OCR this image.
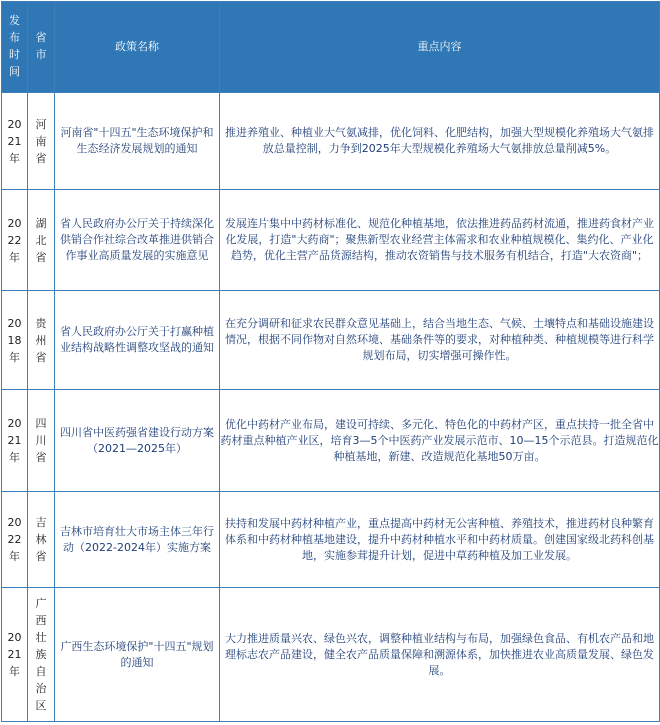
发布时间	省市	政策名称	重点内容
2021年	河南省	河南省"十四五"生态环境保护和生态经济发展规划的通知	推进养殖业、种植业大气氨减排，优化饲料、化肥结构，加强大型规模化养殖场大气氨排放总量控制，力争到2025年大型规模化养殖场大气氨排放总量削减5%。
2022年	湖北省	省人民政府办公厅关于持续深化供销合作社综合改革推进供销合作事业高质量发展的实施意见	发展连片集中中药材标准化、规范化种植基地，依法推进药品药材流通，推进药食材产业化发展，打造"大药商"；聚焦新型农业经营主体需求和农业种植规模化、集约化、产业化趋势，优化主营产品货源结构，推动农资销售与技术服务有机结合，打造"大农资商"；
2018年	贵州省	省人民政府办公厅关于打赢种植业结构战略性调整攻坚战的通知	在充分调研和征求农民群众意见基础上，结合当地生态、气候、土壤特点和基础设施建设情况，根据不同作物对自然环境、基础条件等的要求，对种植种类、种植规模等进行科学规划布局，切实增强可操作性。
2021年	四川省	四川省中医药强省建设行动方案（2021—2025年）	优化中药材产业布局，建设可持续、多元化、特色化的中药材产区，重点扶持一批全省中药材重点种植产业区，培育3—5个中医药产业发展示范市、10—15个示范县。打造规范化种植基地，新建、改造规范化基地50万亩。
2022年	吉林省	吉林市培育壮大市场主体三年行动（2022-2024年）实施方案	扶持和发展中药材种植产业，重点提高中药材无公害种植、养殖技术，推进药材良种繁育体系和中药材种植基地建设，提升中药材种植水平和中药材质量。创建国家级北药科创基地，实施参茸提升计划，促进中草药种植及加工业发展。
2021年	广西壮族自治区	广西生态环境保护"十四五"规划的通知	大力推进质量兴农、绿色兴农，调整种植业结构与布局，加强绿色食品、有机农产品和地理标志农产品建设，健全农产品质量保障和溯源体系，加快推进农业高质量发展、绿色发展。
